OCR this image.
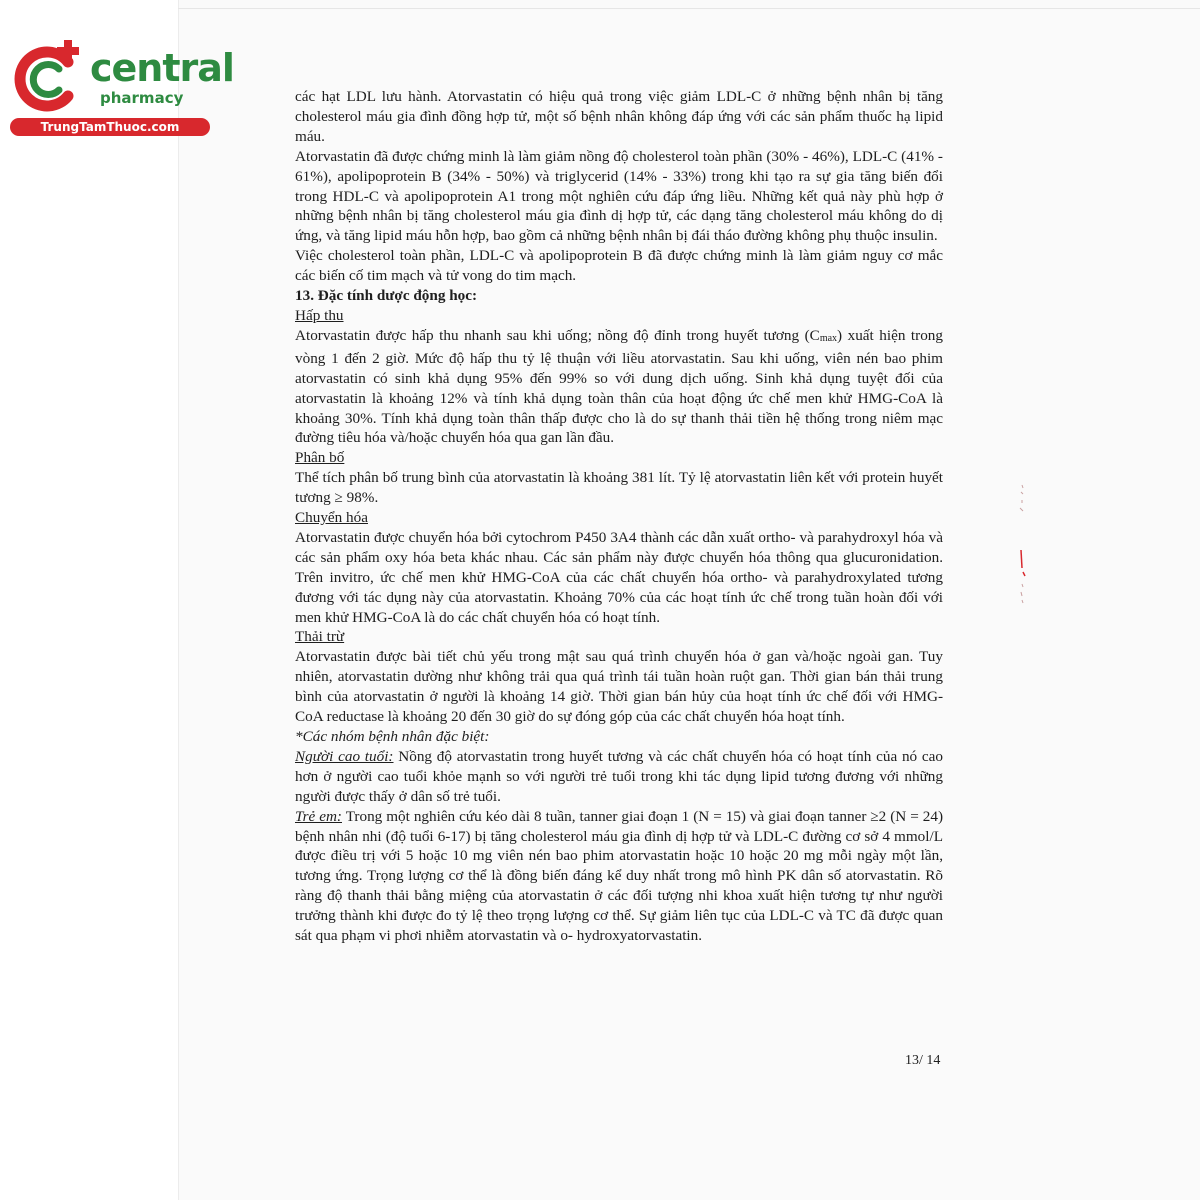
central
pharmacy
TrungTamThuoc.com

các hạt LDL lưu hành. Atorvastatin có hiệu quả trong việc giảm LDL-C ở những bệnh nhân bị tăng cholesterol máu gia đình đồng hợp tử, một số bệnh nhân không đáp ứng với các sản phẩm thuốc hạ lipid máu.

Atorvastatin đã được chứng minh là làm giảm nồng độ cholesterol toàn phần (30% - 46%), LDL-C (41% - 61%), apolipoprotein B (34% - 50%) và triglycerid (14% - 33%) trong khi tạo ra sự gia tăng biến đổi trong HDL-C và apolipoprotein A1 trong một nghiên cứu đáp ứng liều. Những kết quả này phù hợp ở những bệnh nhân bị tăng cholesterol máu gia đình dị hợp tử, các dạng tăng cholesterol máu không do dị ứng, và tăng lipid máu hỗn hợp, bao gồm cả những bệnh nhân bị đái tháo đường không phụ thuộc insulin.

Việc cholesterol toàn phần, LDL-C và apolipoprotein B đã được chứng minh là làm giảm nguy cơ mắc các biến cố tim mạch và tử vong do tim mạch.

13. Đặc tính dược động học:

Hấp thu

Atorvastatin được hấp thu nhanh sau khi uống; nồng độ đỉnh trong huyết tương (Cmax) xuất hiện trong vòng 1 đến 2 giờ. Mức độ hấp thu tỷ lệ thuận với liều atorvastatin. Sau khi uống, viên nén bao phim atorvastatin có sinh khả dụng 95% đến 99% so với dung dịch uống. Sinh khả dụng tuyệt đối của atorvastatin là khoảng 12% và tính khả dụng toàn thân của hoạt động ức chế men khử HMG-CoA là khoảng 30%. Tính khả dụng toàn thân thấp được cho là do sự thanh thải tiền hệ thống trong niêm mạc đường tiêu hóa và/hoặc chuyển hóa qua gan lần đầu.

Phân bố

Thể tích phân bố trung bình của atorvastatin là khoảng 381 lít. Tỷ lệ atorvastatin liên kết với protein huyết tương ≥ 98%.

Chuyển hóa

Atorvastatin được chuyển hóa bởi cytochrom P450 3A4 thành các dẫn xuất ortho- và parahydroxyl hóa và các sản phẩm oxy hóa beta khác nhau. Các sản phẩm này được chuyển hóa thông qua glucuronidation. Trên invitro, ức chế men khử HMG-CoA của các chất chuyển hóa ortho- và parahydroxylated tương đương với tác dụng này của atorvastatin. Khoảng 70% của các hoạt tính ức chế trong tuần hoàn đối với men khử HMG-CoA là do các chất chuyển hóa có hoạt tính.

Thải trừ

Atorvastatin được bài tiết chủ yếu trong mật sau quá trình chuyển hóa ở gan và/hoặc ngoài gan. Tuy nhiên, atorvastatin dường như không trải qua quá trình tái tuần hoàn ruột gan. Thời gian bán thải trung bình của atorvastatin ở người là khoảng 14 giờ. Thời gian bán hủy của hoạt tính ức chế đối với HMG-CoA reductase là khoảng 20 đến 30 giờ do sự đóng góp của các chất chuyển hóa hoạt tính.

*Các nhóm bệnh nhân đặc biệt:

Người cao tuổi: Nồng độ atorvastatin trong huyết tương và các chất chuyển hóa có hoạt tính của nó cao hơn ở người cao tuổi khỏe mạnh so với người trẻ tuổi trong khi tác dụng lipid tương đương với những người được thấy ở dân số trẻ tuổi.

Trẻ em: Trong một nghiên cứu kéo dài 8 tuần, tanner giai đoạn 1 (N = 15) và giai đoạn tanner ≥2 (N = 24) bệnh nhân nhi (độ tuổi 6-17) bị tăng cholesterol máu gia đình dị hợp tử và LDL-C đường cơ sở 4 mmol/L được điều trị với 5 hoặc 10 mg viên nén bao phim atorvastatin hoặc 10 hoặc 20 mg mỗi ngày một lần, tương ứng. Trọng lượng cơ thể là đồng biến đáng kể duy nhất trong mô hình PK dân số atorvastatin. Rõ ràng độ thanh thải bằng miệng của atorvastatin ở các đối tượng nhi khoa xuất hiện tương tự như người trưởng thành khi được đo tỷ lệ theo trọng lượng cơ thể. Sự giảm liên tục của LDL-C và TC đã được quan sát qua phạm vi phơi nhiễm atorvastatin và o- hydroxyatorvastatin.

13/ 14
